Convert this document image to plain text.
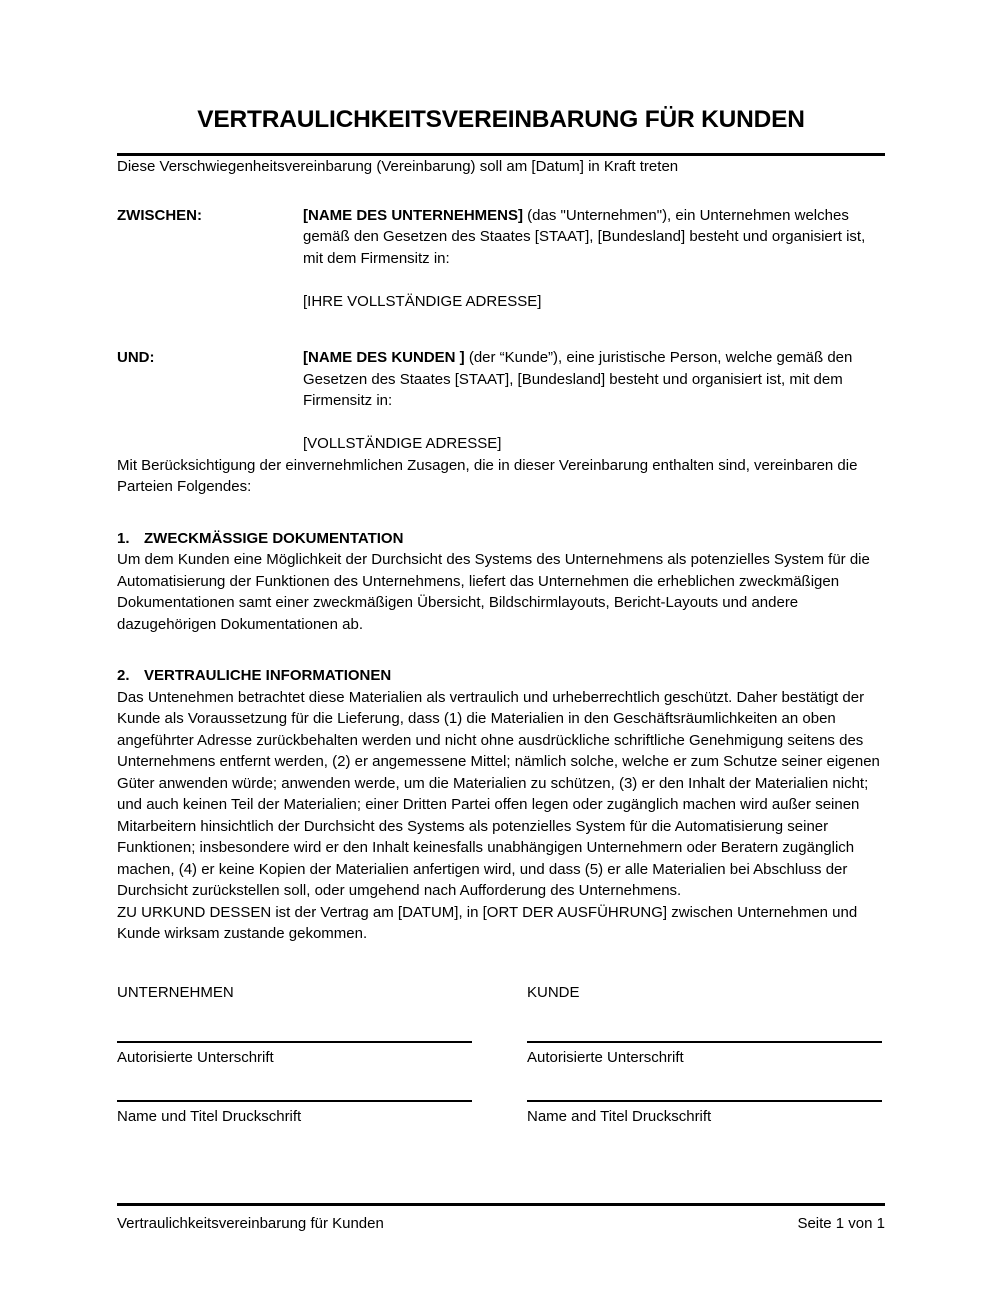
VERTRAULICHKEITSVEREINBARUNG FÜR KUNDEN

Diese Verschwiegenheitsvereinbarung (Vereinbarung) soll am [Datum] in Kraft treten

ZWISCHEN:	[NAME DES UNTERNEHMENS] (das "Unternehmen"), ein Unternehmen welches gemäß den Gesetzen des Staates [STAAT], [Bundesland] besteht und organisiert ist, mit dem Firmensitz in:
[IHRE VOLLSTÄNDIGE ADRESSE]
UND:	[NAME DES KUNDEN ] (der “Kunde”), eine juristische Person, welche gemäß den Gesetzen des Staates [STAAT], [Bundesland] besteht und organisiert ist, mit dem Firmensitz in:
[VOLLSTÄNDIGE ADRESSE]

Mit Berücksichtigung der einvernehmlichen Zusagen, die in dieser Vereinbarung enthalten sind, vereinbaren die Parteien Folgendes:

1. ZWECKMÄSSIGE DOKUMENTATION

Um dem Kunden eine Möglichkeit der Durchsicht des Systems des Unternehmens als potenzielles System für die Automatisierung der Funktionen des Unternehmens, liefert das Unternehmen die erheblichen zweckmäßigen Dokumentationen samt einer zweckmäßigen Übersicht, Bildschirmlayouts, Bericht-Layouts und andere dazugehörigen Dokumentationen ab.

2. VERTRAULICHE INFORMATIONEN

Das Untenehmen betrachtet diese Materialien als vertraulich und urheberrechtlich geschützt. Daher bestätigt der Kunde als Voraussetzung für die Lieferung, dass (1) die Materialien in den Geschäftsräumlichkeiten an oben angeführter Adresse zurückbehalten werden und nicht ohne ausdrückliche schriftliche Genehmigung seitens des Unternehmens entfernt werden, (2) er angemessene Mittel; nämlich solche, welche er zum Schutze seiner eigenen Güter anwenden würde; anwenden werde, um die Materialien zu schützen, (3) er den Inhalt der Materialien nicht; und auch keinen Teil der Materialien; einer Dritten Partei offen legen oder zugänglich machen wird außer seinen Mitarbeitern hinsichtlich der Durchsicht des Systems als potenzielles System für die Automatisierung seiner Funktionen; insbesondere wird er den Inhalt keinesfalls unabhängigen Unternehmern oder Beratern zugänglich machen, (4) er keine Kopien der Materialien anfertigen wird, und dass (5) er alle Materialien bei Abschluss der Durchsicht zurückstellen soll, oder umgehend nach Aufforderung des Unternehmens.

ZU URKUND DESSEN ist der Vertrag am [DATUM], in [ORT DER AUSFÜHRUNG] zwischen Unternehmen und Kunde wirksam zustande gekommen.

UNTERNEHMEN
Autorisierte Unterschrift
Name und Titel Druckschrift
KUNDE
Autorisierte Unterschrift
Name and Titel Druckschrift
Vertraulichkeitsvereinbarung für Kunden	Seite 1 von 1
